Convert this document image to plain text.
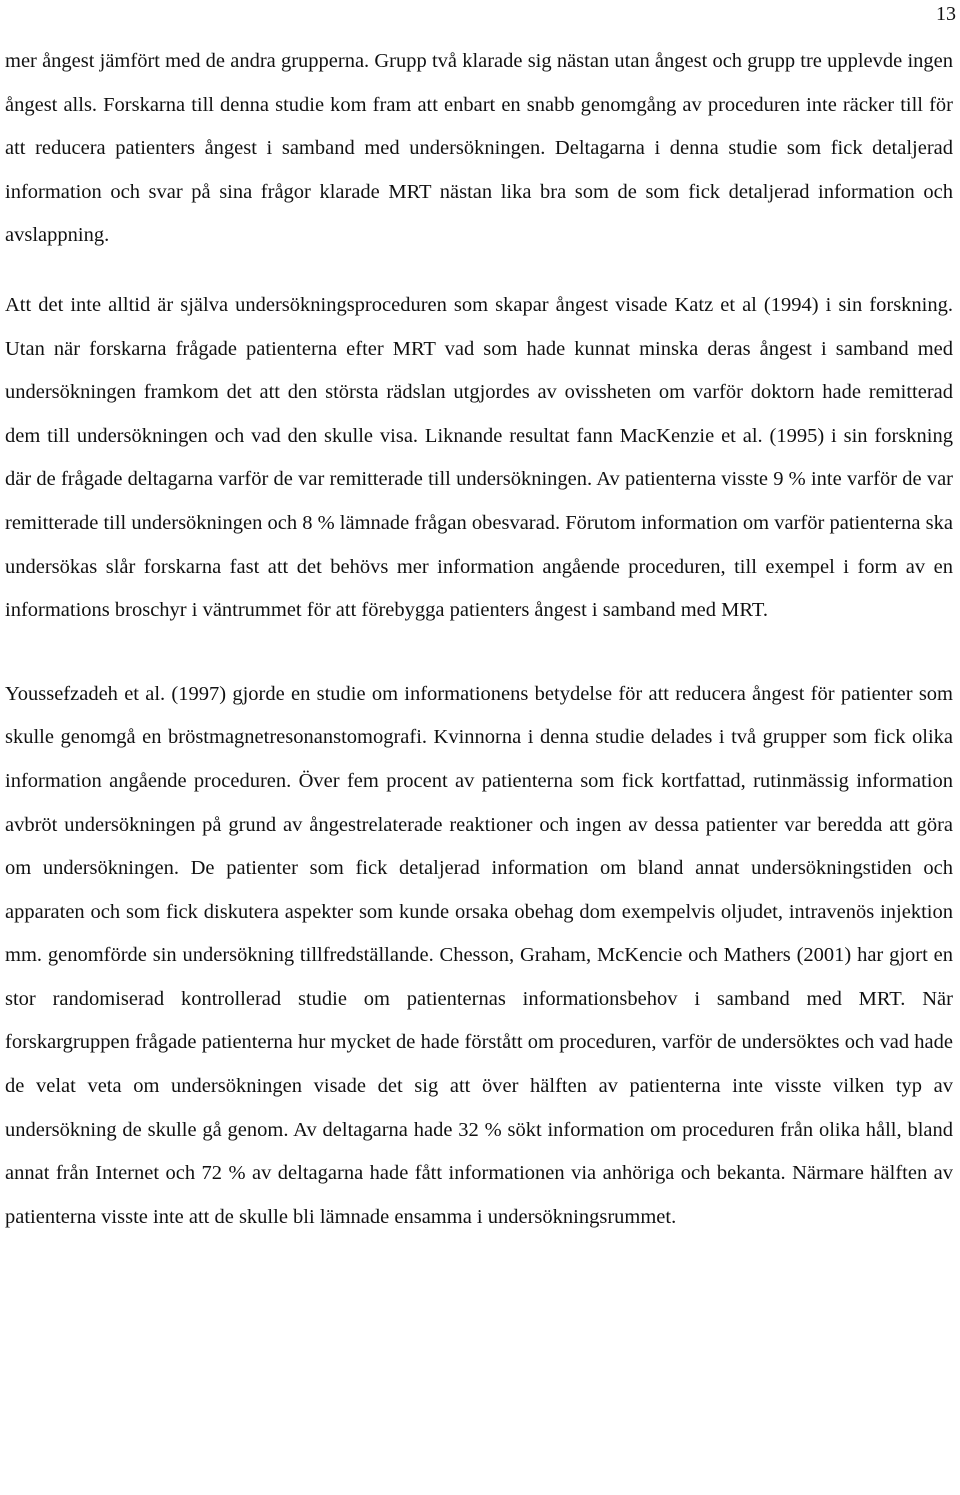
13

mer ångest jämfört med de andra grupperna. Grupp två klarade sig nästan utan ångest och grupp tre upplevde ingen ångest alls. Forskarna till denna studie kom fram att enbart en snabb genomgång av proceduren inte räcker till för att reducera patienters ångest i samband med undersökningen. Deltagarna i denna studie som fick detaljerad information och svar på sina frågor klarade MRT nästan lika bra som de som fick detaljerad information och avslappning.

Att det inte alltid är själva undersökningsproceduren som skapar ångest visade Katz et al (1994) i sin forskning. Utan när forskarna frågade patienterna efter MRT vad som hade kunnat minska deras ångest i samband med undersökningen framkom det att den största rädslan utgjordes av ovissheten om varför doktorn hade remitterad dem till undersökningen och vad den skulle visa. Liknande resultat fann MacKenzie et al. (1995) i sin forskning där de frågade deltagarna varför de var remitterade till undersökningen. Av patienterna visste 9 % inte varför de var remitterade till undersökningen och 8 % lämnade frågan obesvarad. Förutom information om varför patienterna ska undersökas slår forskarna fast att det behövs mer information angående proceduren, till exempel i form av en informations broschyr i väntrummet för att förebygga patienters ångest i samband med MRT.

Youssefzadeh et al. (1997) gjorde en studie om informationens betydelse för att reducera ångest för patienter som skulle genomgå en bröstmagnetresonanstomografi. Kvinnorna i denna studie delades i två grupper som fick olika information angående proceduren. Över fem procent av patienterna som fick kortfattad, rutinmässig information avbröt undersökningen på grund av ångestrelaterade reaktioner och ingen av dessa patienter var beredda att göra om undersökningen. De patienter som fick detaljerad information om bland annat undersökningstiden och apparaten och som fick diskutera aspekter som kunde orsaka obehag dom exempelvis oljudet, intravenös injektion mm. genomförde sin undersökning tillfredställande. Chesson, Graham, McKencie och Mathers (2001) har gjort en stor randomiserad kontrollerad studie om patienternas informationsbehov i samband med MRT. När forskargruppen frågade patienterna hur mycket de hade förstått om proceduren, varför de undersöktes och vad hade de velat veta om undersökningen visade det sig att över hälften av patienterna inte visste vilken typ av undersökning de skulle gå genom. Av deltagarna hade 32 % sökt information om proceduren från olika håll, bland annat från Internet och 72 % av deltagarna hade fått informationen via anhöriga och bekanta. Närmare hälften av patienterna visste inte att de skulle bli lämnade ensamma i undersökningsrummet.
